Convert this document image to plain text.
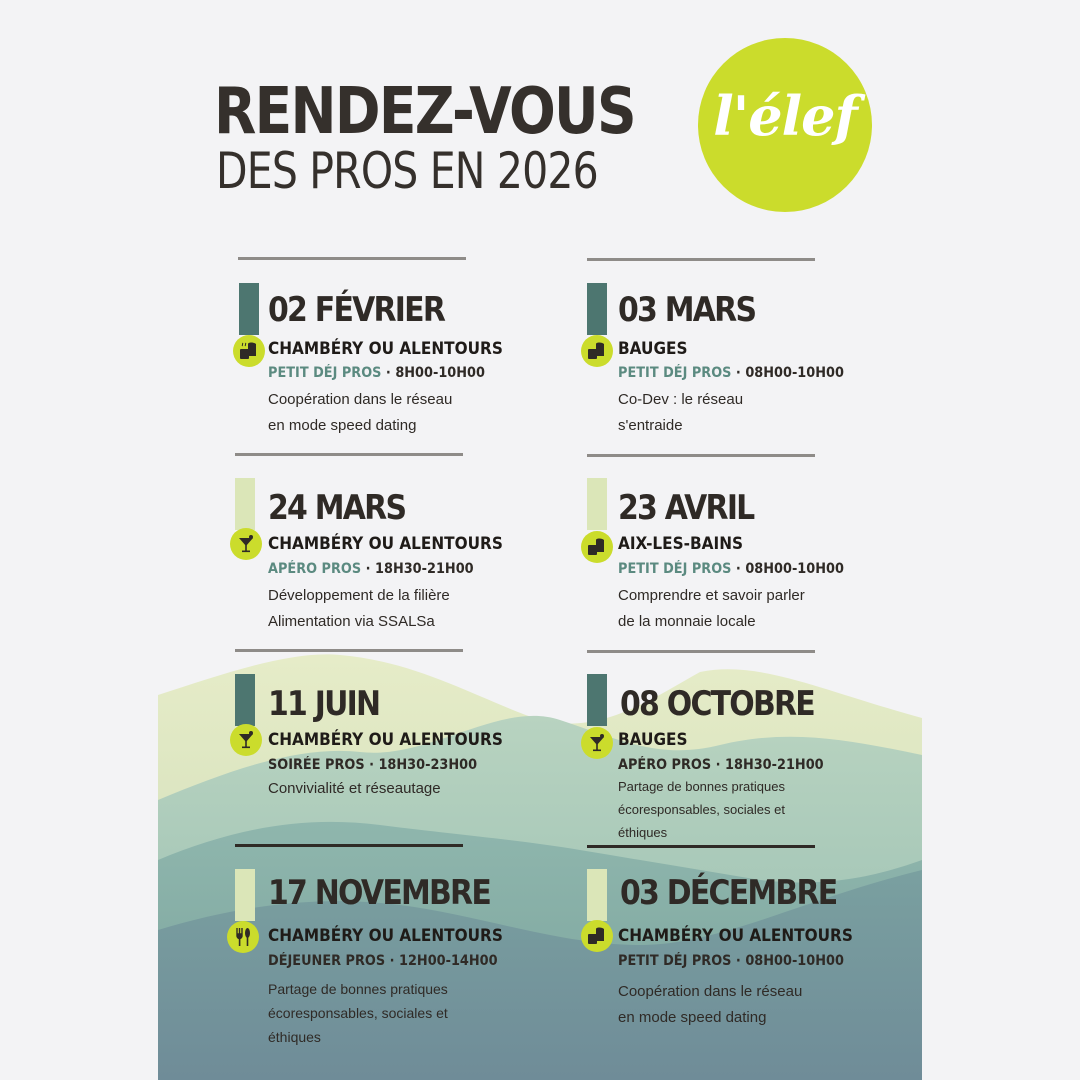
RENDEZ-VOUS
DES PROS EN 2026
l'élef
02 FÉVRIER
CHAMBÉRY OU ALENTOURS
PETIT DÉJ PROS · 8H00-10H00
Coopération dans le réseau
en mode speed dating
03 MARS
BAUGES
PETIT DÉJ PROS · 08H00-10H00
Co-Dev : le réseau
s'entraide
24 MARS
CHAMBÉRY OU ALENTOURS
APÉRO PROS · 18H30-21H00
Développement de la filière
Alimentation via SSALSa
23 AVRIL
AIX-LES-BAINS
PETIT DÉJ PROS · 08H00-10H00
Comprendre et savoir parler
de la monnaie locale
11 JUIN
CHAMBÉRY OU ALENTOURS
SOIRÉE PROS · 18H30-23H00
Convivialité et réseautage
08 OCTOBRE
BAUGES
APÉRO PROS · 18H30-21H00
Partage de bonnes pratiques
écoresponsables, sociales et
éthiques
17 NOVEMBRE
CHAMBÉRY OU ALENTOURS
DÉJEUNER PROS · 12H00-14H00
Partage de bonnes pratiques
écoresponsables, sociales et
éthiques
03 DÉCEMBRE
CHAMBÉRY OU ALENTOURS
PETIT DÉJ PROS · 08H00-10H00
Coopération dans le réseau
en mode speed dating
